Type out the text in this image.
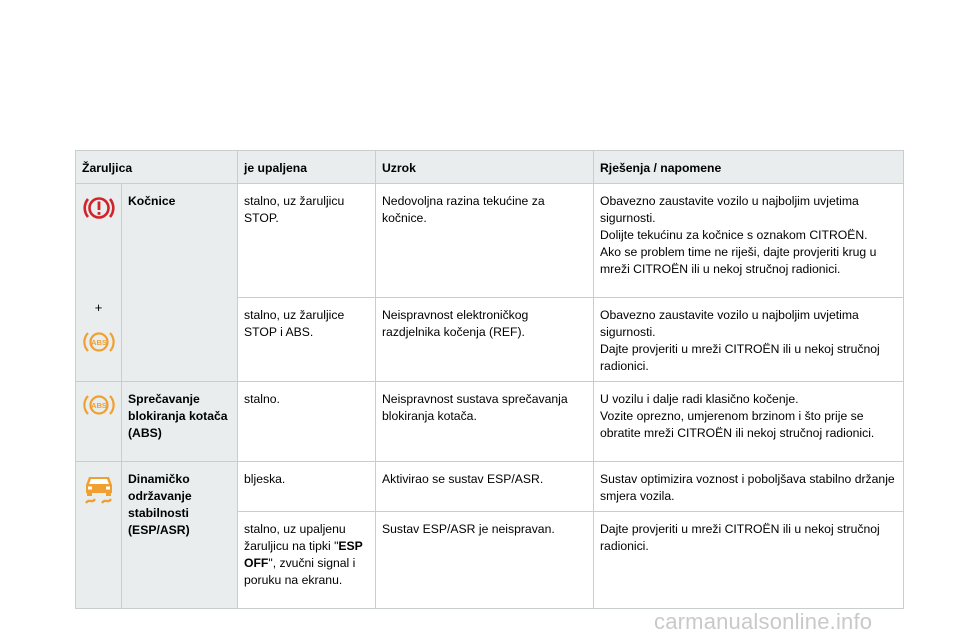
Žaruljica		je upaljena	Uzrok	Rješenja / napomene

+
ABS	Kočnice	stalno, uz žaruljicu STOP.	Nedovoljna razina tekućine za kočnice.	Obavezno zaustavite vozilo u najboljim uvjetima sigurnosti.
Dolijte tekućinu za kočnice s oznakom CITROËN.
Ako se problem time ne riješi, dajte provjeriti krug u mreži CITROËN ili u nekoj stručnoj radionici.

		stalno, uz žaruljice STOP i ABS.	Neispravnost elektroničkog razdjelnika kočenja (REF).	Obavezno zaustavite vozilo u najboljim uvjetima sigurnosti.
Dajte provjeriti u mreži CITROËN ili u nekoj stručnoj radionici.

ABS	Sprečavanje blokiranja kotača (ABS)	stalno.	Neispravnost sustava sprečavanja blokiranja kotača.	U vozilu i dalje radi klasično kočenje.
Vozite oprezno, umjerenom brzinom i što prije se obratite mreži CITROËN ili nekoj stručnoj radionici.

	Dinamičko održavanje stabilnosti (ESP/ASR)	bljeska.	Aktivirao se sustav ESP/ASR.	Sustav optimizira voznost i poboljšava stabilno držanje smjera vozila.

		stalno, uz upaljenu žaruljicu na tipki "ESP OFF", zvučni signal i poruku na ekranu.	Sustav ESP/ASR je neispravan.	Dajte provjeriti u mreži CITROËN ili u nekoj stručnoj radionici.
carmanualsonline.info
